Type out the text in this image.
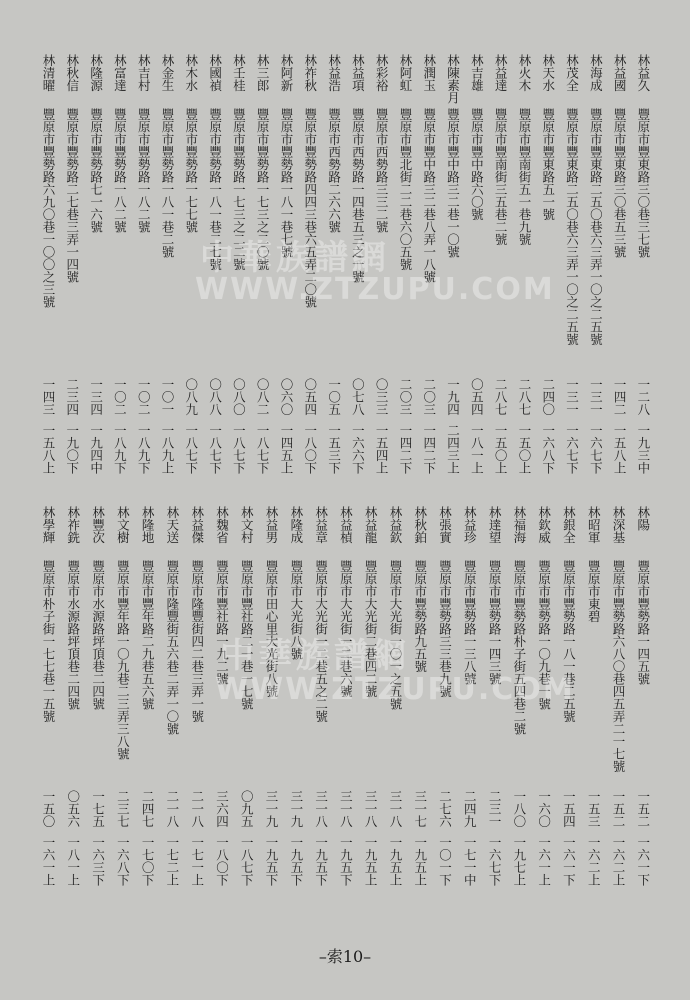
林益久
豐原市豐東路三〇巷三七號
一二八
一九三中
林益國
豐原市豐東路三〇巷五三號
一四二
一五八上
林海成
豐原市豐東路二五〇巷六三弄一〇之二五號
一三一
一六七下
林茂全
豐原市豐東路二五〇巷六三弄一〇之二五號
一三一
一六七下
林天水
豐原市豐東路五一號
二四〇
一六八下
林火木
豐原市豐南街五一巷九號
二八七
一五〇上
林益達
豐原市豐南街三五巷二號
二八七
一五〇上
林吉雄
豐原市豐中路六〇號
〇五四
一八一上
林陳素月
豐原市豐中路三二巷一〇號
一九四
二四三上
林潤玉
豐原市豐中路三二巷八弄一八號
二〇三
一四二下
林阿虹
豐原市豐北街二二巷六〇五號
二〇三
一四二下
林彩裕
豐原市西勢路三三二號
〇三三
一五四上
林益項
豐原市西勢路一四巷五三之一號
〇七八
一六六下
林益浩
豐原市西勢路二六六號
一〇五
一五三下
林祚秋
豐原市豐勢路四四三巷六五弄二〇號
〇五四
一八〇下
林阿新
豐原市豐勢路一八一巷七號
〇六〇
一四五上
林三郎
豐原市豐勢路一七三之二〇號
〇八二
一八七下
林壬桂
豐原市豐勢路一七三之二二號
〇八〇
一八七下
林國禎
豐原市豐勢路一八一巷二七號
〇八八
一八七下
林木水
豐原市豐勢路一七七號
〇八九
一八七下
林金生
豐原市豐勢路一八一巷二號
一〇一
一八九上
林吉村
豐原市豐勢路一八二號
一〇二
一八九下
林富達
豐原市豐勢路一八二號
一〇二
一八九下
林隆源
豐原市豐勢路七一六號
一三四
一九四中
林秋信
豐原市豐勢路二七巷三弄一四號
二三四
一九〇下
林清曜
豐原市豐勢路六九〇巷一〇〇之三號
一四三
一五八上
林陽
豐原市豐勢路一四五號
一五二
一六一下
林深基
豐原市豐勢路六八〇巷四五弄二一七號
一五二
一六二上
林昭軍
豐原市東碧
一五三
一六二上
林銀全
豐原市豐勢路一八一巷二五號
一五四
一六一下
林欽威
豐原市豐勢路一〇九巷一號
一六〇
一六一上
林福海
豐原市豐勢路朴子街五四巷二號
一八〇
一九七上
林達望
豐原市豐勢路一四三號
二三一
一六七下
林益珍
豐原市豐勢路一三八號
二四九
一七一中
林張實
豐原市豐勢路三三巷九號
二七六
一〇一下
林秋鉑
豐原市豐勢路九五號
三一七
一九五上
林益欽
豐原市大光街一〇一之五號
三一八
一九五上
林益龍
豐原市大光街二巷四二號
三一八
一九五上
林益楨
豐原市大光街一二巷六號
三一八
一九五下
林益章
豐原市大光街一二巷五之二號
三一八
一九五下
林隆成
豐原市大光街八號
三一九
一九五下
林益男
豐原市田心里大光街八號
三一九
一九五下
林文村
豐原市豐社路二一巷一七號
〇九五
一八七下
林魏省
豐原市豐社路一九二號
三六四
一八〇下
林益傑
豐原市隆豐街四二巷三弄一號
二一八
一七一上
林天送
豐原市隆豐街五六巷二弄一〇號
二一八
一七二上
林隆地
豐原市豐年路二九巷五六號
二四七
一七〇下
林文樹
豐原市豐年路一〇九巷二三弄三八號
二三七
一六八下
林豐次
豐原市水源路坪頂巷二四號
一七五
一六三下
林祚銑
豐原市水源路坪頂巷二四號
〇五六
一八一上
林學輝
豐原市朴子街一七七巷一五號
一五〇
一六一上
中華族譜網
WWW.ZTZUPU.COM
中華族譜網
WWW.ZTZUPU.COM
–索10–
